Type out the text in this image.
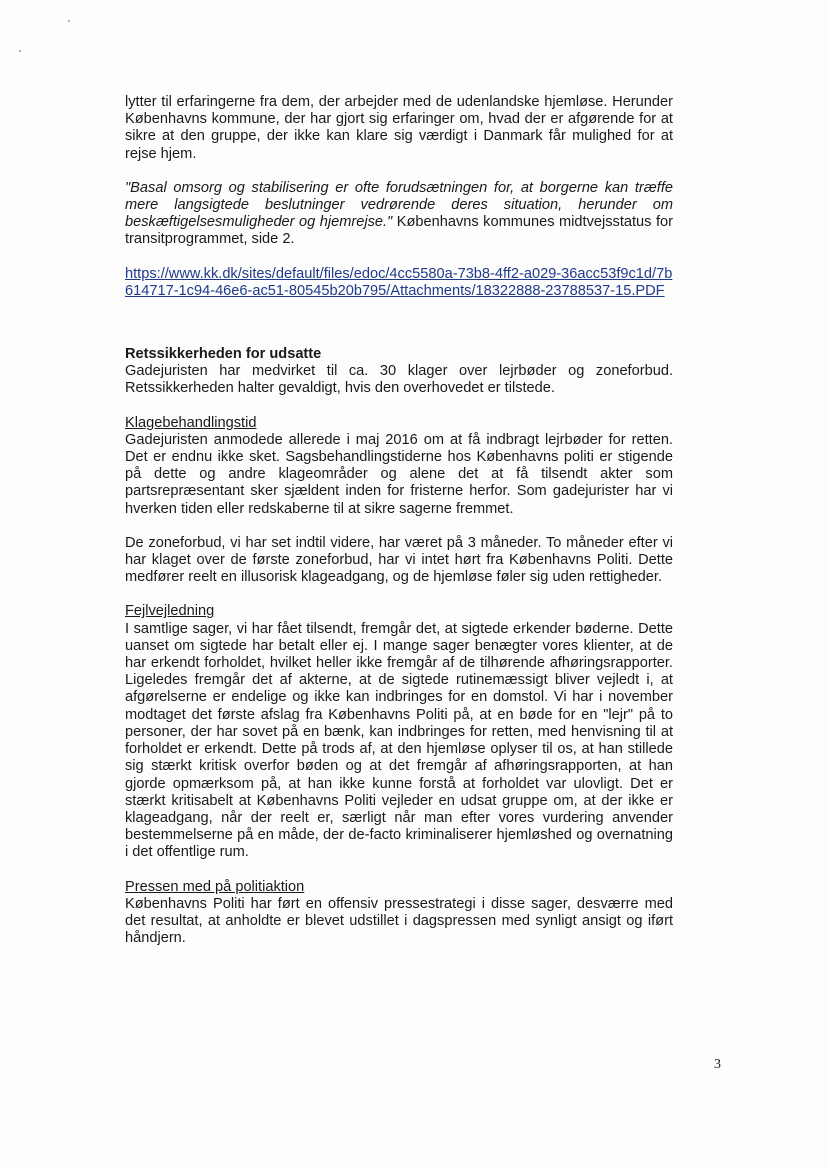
lytter til erfaringerne fra dem, der arbejder med de udenlandske hjemløse. Herunder Københavns kommune, der har gjort sig erfaringer om, hvad der er afgørende for at sikre at den gruppe, der ikke kan klare sig værdigt i Danmark får mulighed for at rejse hjem.

"Basal omsorg og stabilisering er ofte forudsætningen for, at borgerne kan træffe mere langsigtede beslutninger vedrørende deres situation, herunder om beskæftigelsesmuligheder og hjemrejse." Københavns kommunes midtvejsstatus for transitprogrammet, side 2.

https://www.kk.dk/sites/default/files/edoc/4cc5580a-73b8-4ff2-a029-36acc53f9c1d/7b614717-1c94-46e6-ac51-80545b20b795/Attachments/18322888-23788537-15.PDF

Retssikkerheden for udsatte

Gadejuristen har medvirket til ca. 30 klager over lejrbøder og zoneforbud. Retssikkerheden halter gevaldigt, hvis den overhovedet er tilstede.

Klagebehandlingstid

Gadejuristen anmodede allerede i maj 2016 om at få indbragt lejrbøder for retten. Det er endnu ikke sket. Sagsbehandlingstiderne hos Københavns politi er stigende på dette og andre klageområder og alene det at få tilsendt akter som partsrepræsentant sker sjældent inden for fristerne herfor. Som gadejurister har vi hverken tiden eller redskaberne til at sikre sagerne fremmet.

De zoneforbud, vi har set indtil videre, har været på 3 måneder. To måneder efter vi har klaget over de første zoneforbud, har vi intet hørt fra Københavns Politi. Dette medfører reelt en illusorisk klageadgang, og de hjemløse føler sig uden rettigheder.

Fejlvejledning

I samtlige sager, vi har fået tilsendt, fremgår det, at sigtede erkender bøderne. Dette uanset om sigtede har betalt eller ej. I mange sager benægter vores klienter, at de har erkendt forholdet, hvilket heller ikke fremgår af de tilhørende afhøringsrapporter. Ligeledes fremgår det af akterne, at de sigtede rutinemæssigt bliver vejledt i, at afgørelserne er endelige og ikke kan indbringes for en domstol. Vi har i november modtaget det første afslag fra Københavns Politi på, at en bøde for en "lejr" på to personer, der har sovet på en bænk, kan indbringes for retten, med henvisning til at forholdet er erkendt. Dette på trods af, at den hjemløse oplyser til os, at han stillede sig stærkt kritisk overfor bøden og at det fremgår af afhøringsrapporten, at han gjorde opmærksom på, at han ikke kunne forstå at forholdet var ulovligt. Det er stærkt kritisabelt at Københavns Politi vejleder en udsat gruppe om, at der ikke er klageadgang, når der reelt er, særligt når man efter vores vurdering anvender bestemmelserne på en måde, der de-facto kriminaliserer hjemløshed og overnatning i det offentlige rum.

Pressen med på politiaktion

Københavns Politi har ført en offensiv pressestrategi i disse sager, desværre med det resultat, at anholdte er blevet udstillet i dagspressen med synligt ansigt og iført håndjern.

3
